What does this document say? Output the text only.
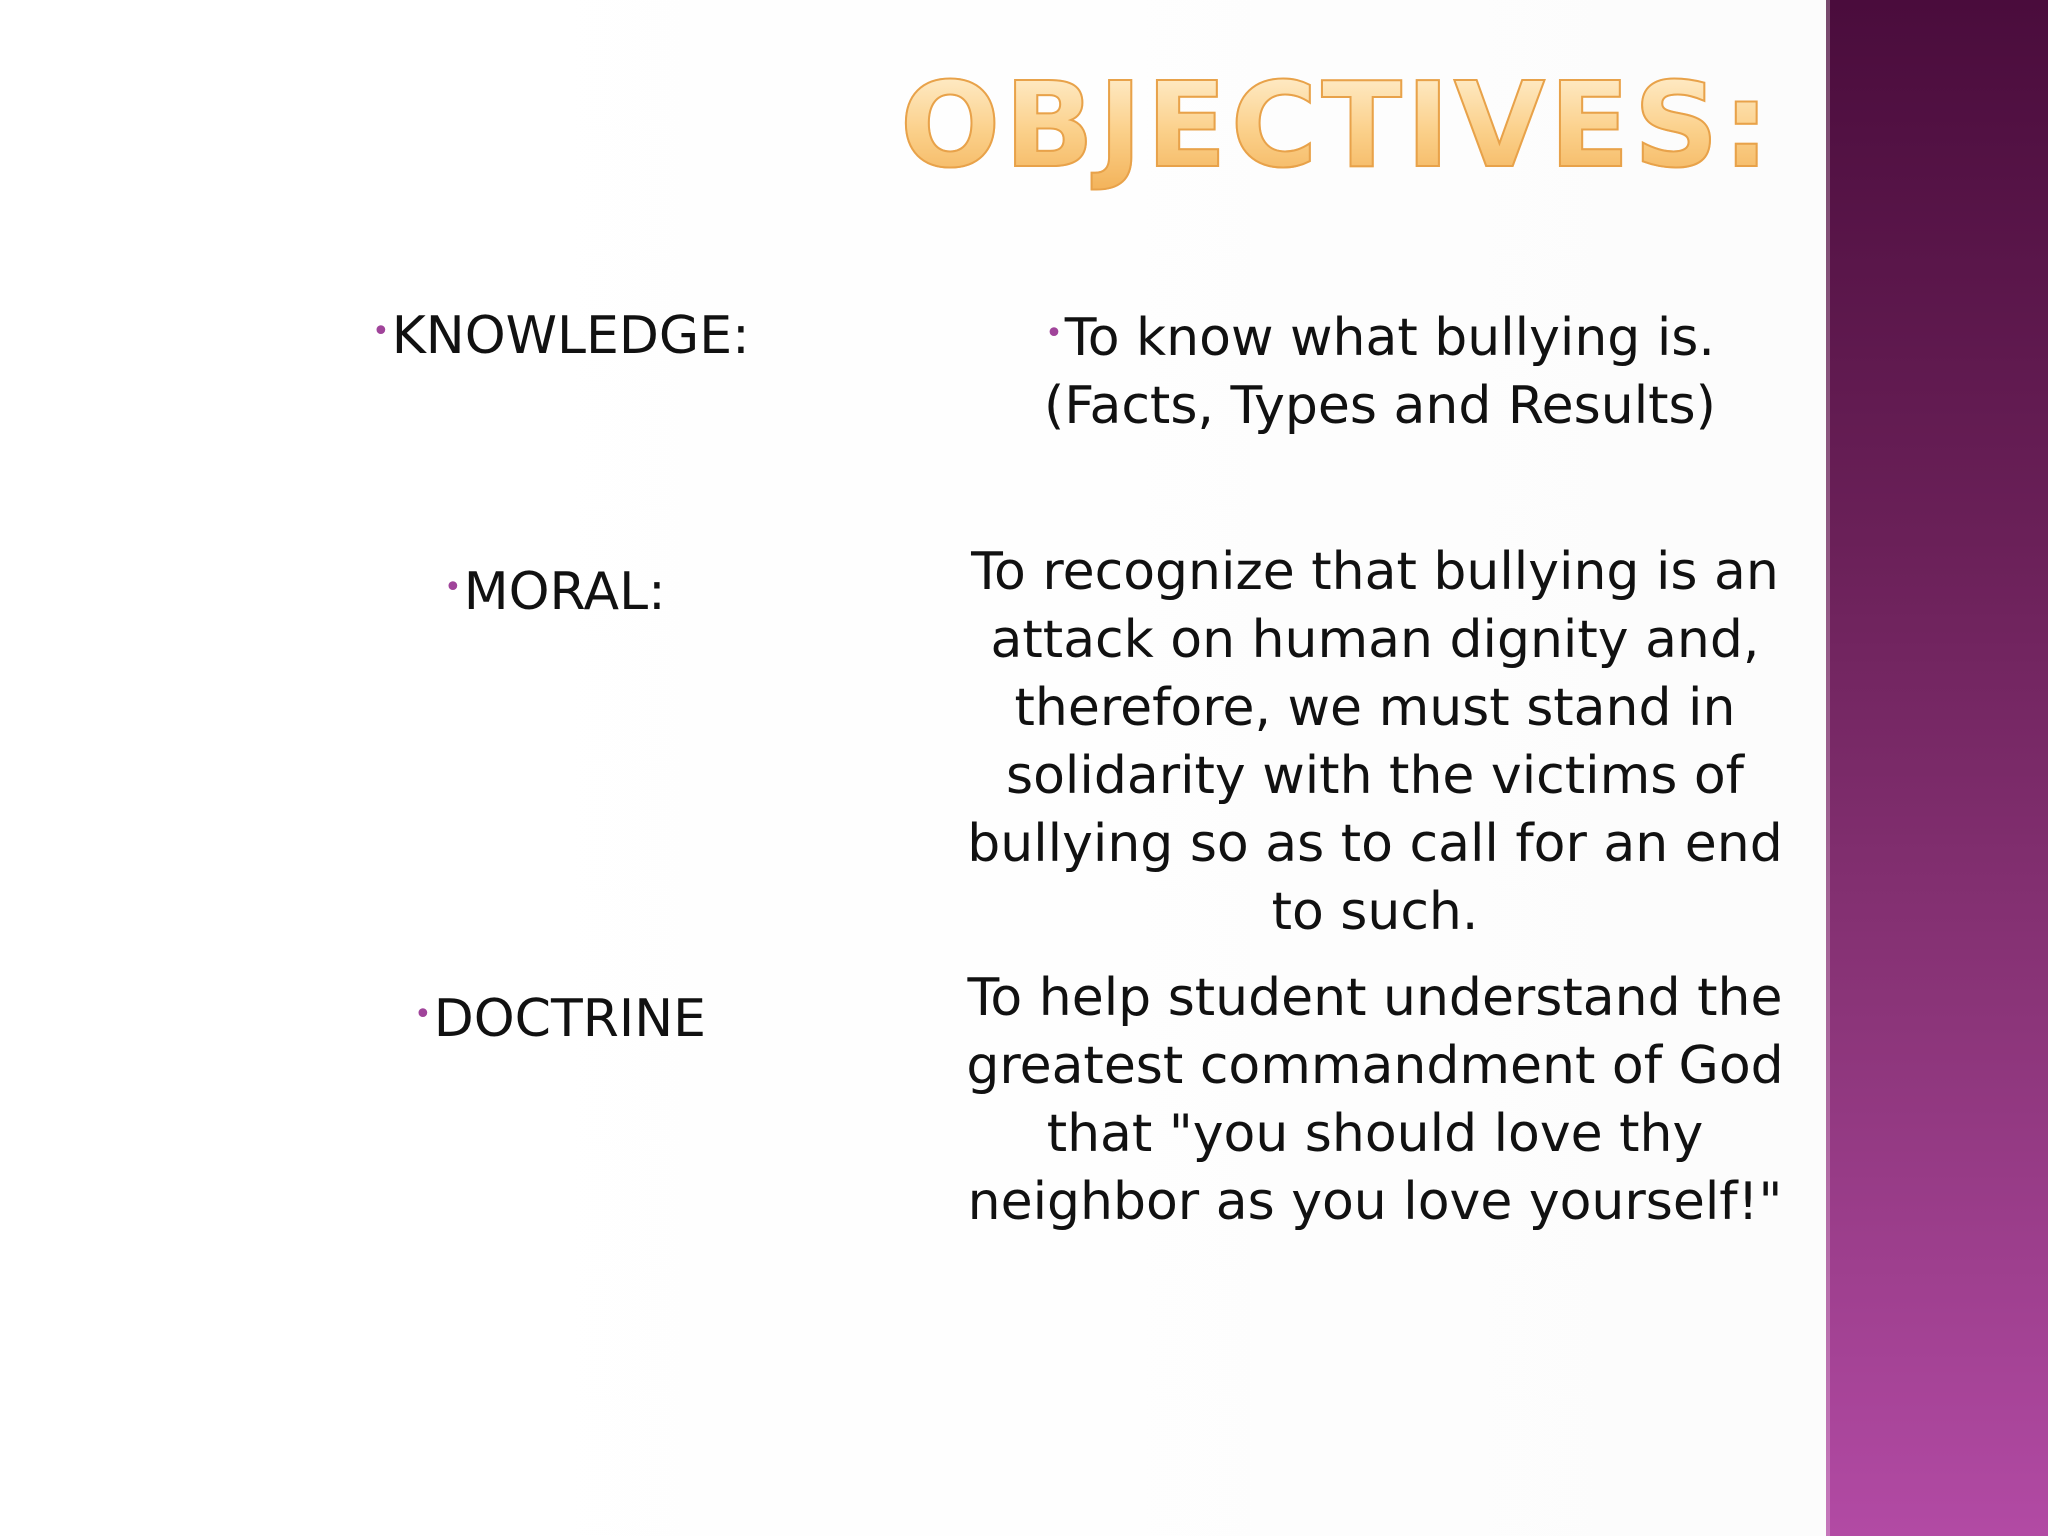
OBJECTIVES:
•KNOWLEDGE:	•To know what bullying is.(Facts, Types and Results)
•MORAL:	To recognize that bullying is an attack on human dignity and, therefore, we must stand in solidarity with the victims of bullying so as to call for an end to such.
•DOCTRINE	To help student understand the greatest commandment of God that "you should love thy neighbor as you love yourself!"
